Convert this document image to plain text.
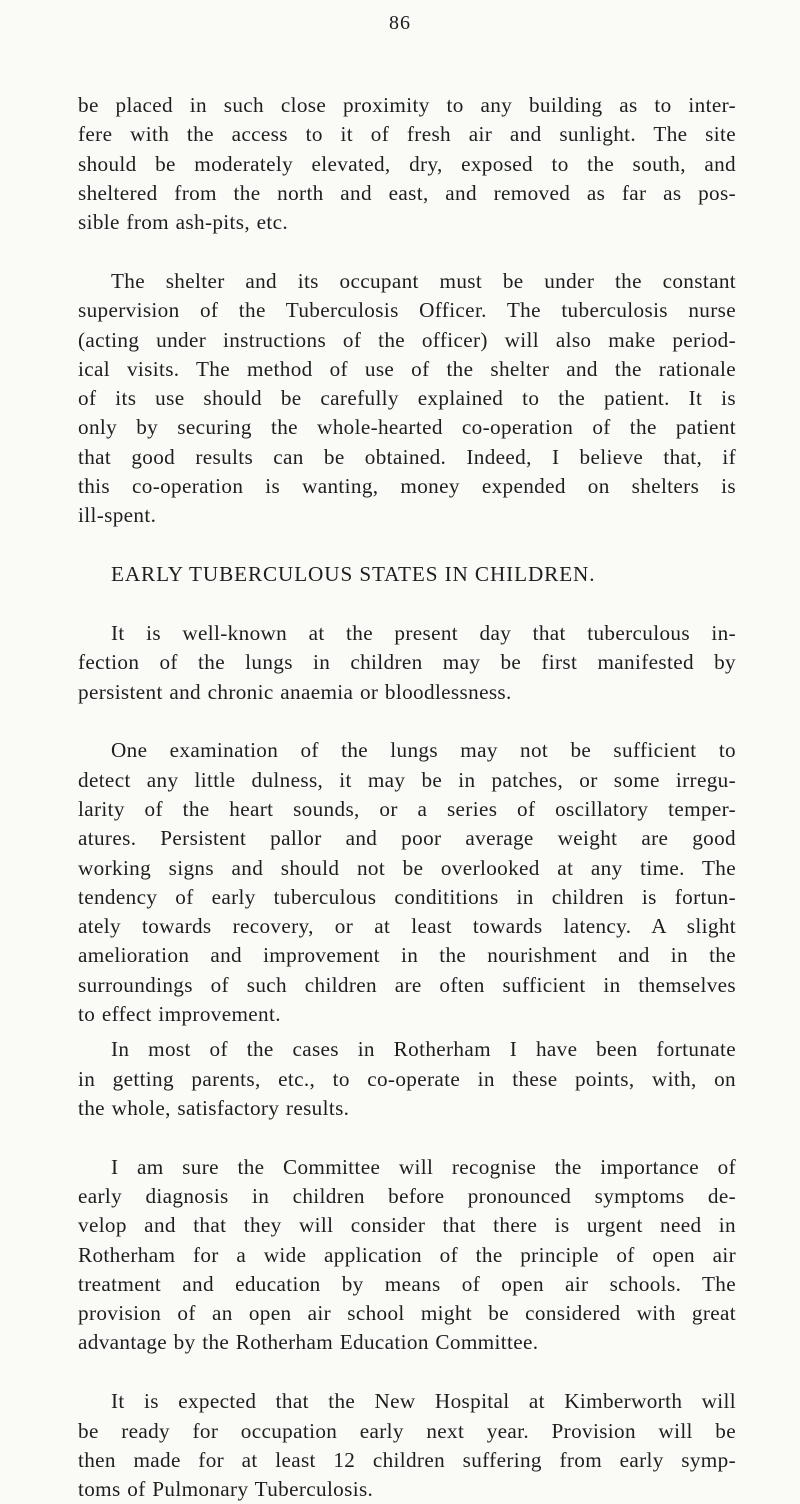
86

be placed in such close proximity to any building as to inter-
fere with the access to it of fresh air and sunlight. The site
should be moderately elevated, dry, exposed to the south, and
sheltered from the north and east, and removed as far as pos-
sible from ash-pits, etc.

The shelter and its occupant must be under the constant
supervision of the Tuberculosis Officer. The tuberculosis nurse
(acting under instructions of the officer) will also make period-
ical visits. The method of use of the shelter and the rationale
of its use should be carefully explained to the patient. It is
only by securing the whole-hearted co-operation of the patient
that good results can be obtained. Indeed, I believe that, if
this co-operation is wanting, money expended on shelters is
ill-spent.

EARLY TUBERCULOUS STATES IN CHILDREN.

It is well-known at the present day that tuberculous in-
fection of the lungs in children may be first manifested by
persistent and chronic anaemia or bloodlessness.

One examination of the lungs may not be sufficient to
detect any little dulness, it may be in patches, or some irregu-
larity of the heart sounds, or a series of oscillatory temper-
atures. Persistent pallor and poor average weight are good
working signs and should not be overlooked at any time. The
tendency of early tuberculous condititions in children is fortun-
ately towards recovery, or at least towards latency. A slight
amelioration and improvement in the nourishment and in the
surroundings of such children are often sufficient in themselves
to effect improvement.

In most of the cases in Rotherham I have been fortunate
in getting parents, etc., to co-operate in these points, with, on
the whole, satisfactory results.

I am sure the Committee will recognise the importance of
early diagnosis in children before pronounced symptoms de-
velop and that they will consider that there is urgent need in
Rotherham for a wide application of the principle of open air
treatment and education by means of open air schools. The
provision of an open air school might be considered with great
advantage by the Rotherham Education Committee.

It is expected that the New Hospital at Kimberworth will
be ready for occupation early next year. Provision will be
then made for at least 12 children suffering from early symp-
toms of Pulmonary Tuberculosis.
